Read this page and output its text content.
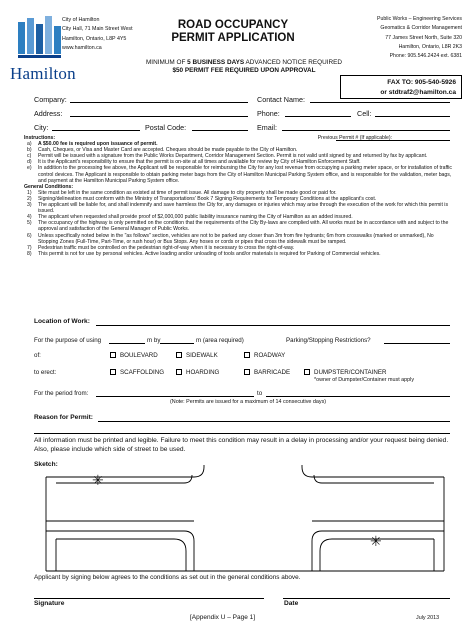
Hamilton
City of Hamilton
City Hall, 71 Main Street West
Hamilton, Ontario, L8P 4Y5
www.hamilton.ca
ROAD OCCUPANCY
PERMIT APPLICATION
Public Works – Engineering Services
Geomatics & Corridor Management
77 James Street North, Suite 320
Hamilton, Ontario, L8R 2K3
Phone: 905.546.2424 ext. 6381
MINIMUM OF 5 BUSINESS DAYS ADVANCED NOTICE REQUIRED
$50 PERMIT FEE REQUIRED UPON APPROVAL
FAX TO: 905-540-5926
or stdtraf2@hamilton.ca
Company:	Contact Name:
Address:	Phone:	Cell:
City:	Postal Code:	Email:
Instructions:	Previous Permit # (If applicable):
a)	A $50.00 fee is required upon issuance of permit.
b)	Cash, Cheques, or Visa and Master Card are accepted. Cheques should be made payable to the City of Hamilton.
c)	Permit will be issued with a signature from the Public Works Department, Corridor Management Section. Permit is not valid until signed by and returned by fax by applicant.
d)	It is the Applicant's responsibility to ensure that the permit is on-site at all times and available for review by City of Hamilton Enforcement Staff.
e)	In addition to the processing fee above, the Applicant will be responsible for reimbursing the City for any lost revenue from occupying a parking meter space, or for installation of traffic control devices. The Applicant is responsible to obtain parking meter bags from the City of Hamilton Municipal Parking System office, and is responsible for the validation, meter bags, and payment at the Hamilton Municipal Parking System office.
General Conditions:
1)	Site must be left in the same condition as existed at time of permit issue. All damage to city property shall be made good or paid for.
2)	Signing/delineation must conform with the Ministry of Transportations' Book 7 Signing Requirements for Temporary Conditions at the applicant's cost.
3)	The applicant will be liable for, and shall indemnify and save harmless the City for, any damages or injuries which may arise through the execution of the work for which this permit is issued.
4)	The applicant when requested shall provide proof of $2,000,000 public liability insurance naming the City of Hamilton as an added insured.
5)	The occupancy of the highway is only permitted on the condition that the requirements of the City By-laws are complied with. All works must be in accordance with and subject to the approval and satisfaction of the General Manager of Public Works.
6)	Unless specifically noted below in the "as follows" section, vehicles are not to be parked any closer than 3m from fire hydrants; 6m from crosswalks (marked or unmarked), No Stopping Zones (Full-Time, Part-Time, or rush hour) or Bus Stops. Any hoses or cords or pipes that cross the sidewalk must be ramped.
7)	Pedestrian traffic must be controlled on the pedestrian right-of-way when it is necessary to cross the right-of-way.
8)	This permit is not for use by personal vehicles. Active loading and/or unloading of tools and/or materials is required for Parking of Commercial vehicles.
Location of Work:
For the purpose of using	m by	m (area required)	Parking/Stopping Restrictions?
of:	BOULEVARD	SIDEWALK	ROADWAY
to erect:	SCAFFOLDING	HOARDING	BARRICADE	DUMPSTER/CONTAINER
*owner of Dumpster/Container must apply
For the period from:	to
(Note: Permits are issued for a maximum of 14 consecutive days)
Reason for Permit:
All information must be printed and legible. Failure to meet this condition may result in a delay in processing and/or your request being denied. Also, please include which side of street to be used.
Sketch:
✳
✳
Applicant by signing below agrees to the conditions as set out in the general conditions above.
Signature	Date
[Appendix U – Page 1]	July 2013
